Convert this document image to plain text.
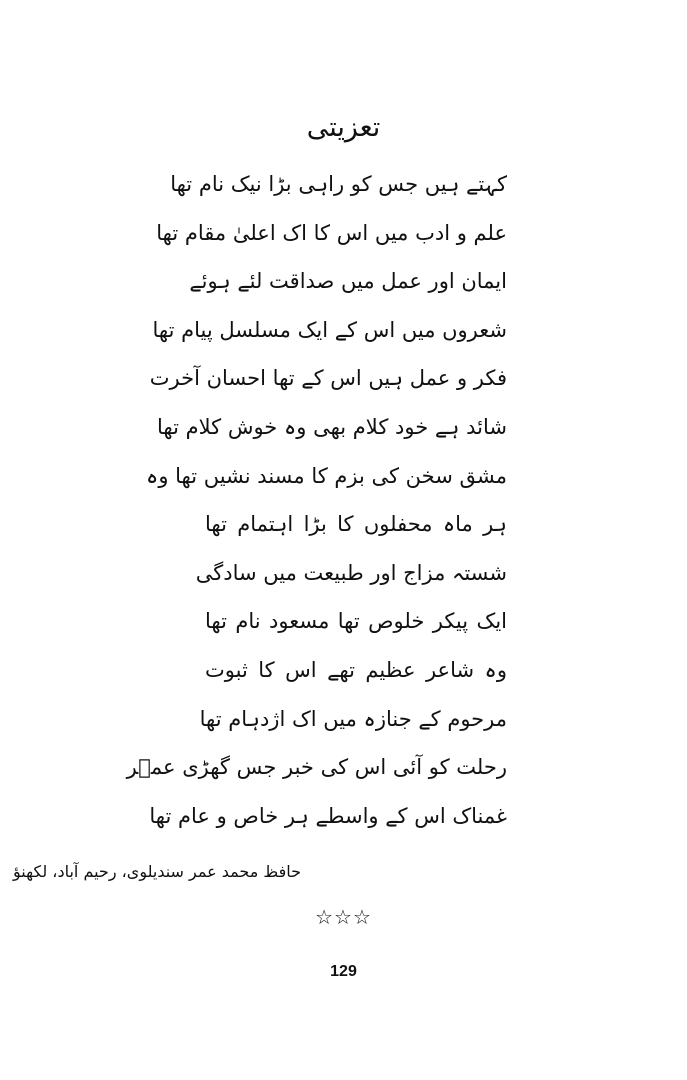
تعزیتی
کہتے ہیں جس کو راہی بڑا نیک نام تھا
علم و ادب میں اس کا اک اعلیٰ مقام تھا
ایمان اور عمل میں صداقت لئے ہوئے
شعروں میں اس کے ایک مسلسل پیام تھا
فکر و عمل ہیں اس کے تھا احسان آخرت
شائد ہے خود کلام بھی وہ خوش کلام تھا
مشق سخن کی بزم کا مسند نشیں تھا وہ
ہر ماہ محفلوں کا بڑا اہتمام تھا
شستہ مزاج اور طبیعت میں سادگی
ایک پیکر خلوص تھا مسعود نام تھا
وہ شاعر عظیم تھے اس کا ثبوت
مرحوم کے جنازہ میں اک اژدہام تھا
رحلت کو آئی اس کی خبر جس گھڑی عمؔر
غمناک اس کے واسطے ہر خاص و عام تھا
حافظ محمد عمر سندیلوی، رحیم آباد، لکھنؤ
☆☆☆
129
